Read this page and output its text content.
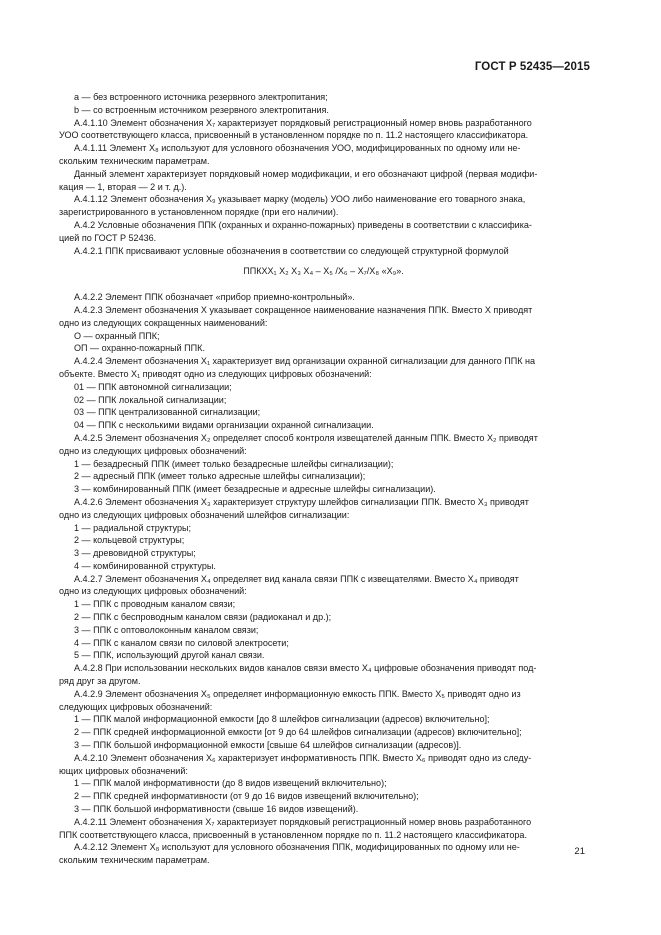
ГОСТ Р 52435—2015
а — без встроенного источника резервного электропитания;
b — со встроенным источником резервного электропитания.
А.4.1.10 Элемент обозначения X₇ характеризует порядковый регистрационный номер вновь разработанного
УОО соответствующего класса, присвоенный в установленном порядке по п. 11.2 настоящего классификатора.
А.4.1.11 Элемент X₈ используют для условного обозначения УОО, модифицированных по одному или не-
скольким техническим параметрам.
Данный элемент характеризует порядковый номер модификации, и его обозначают цифрой (первая модифи-
кация — 1, вторая — 2 и т. д.).
А.4.1.12 Элемент обозначения X₉ указывает марку (модель) УОО либо наименование его товарного знака,
зарегистрированного в установленном порядке (при его наличии).
А.4.2 Условные обозначения ППК (охранных и охранно-пожарных) приведены в соответствии с классифика-
цией по ГОСТ Р 52436.
А.4.2.1 ППК присваивают условные обозначения в соответствии со следующей структурной формулой
ППКХХ₁ Х₂ Х₃ Х₄ – Х₅ /Х₆ – Х₇/Х₈ «Х₉».
А.4.2.2 Элемент ППК обозначает «прибор приемно-контрольный».
А.4.2.3 Элемент обозначения X указывает сокращенное наименование назначения ППК. Вместо X приводят
одно из следующих сокращенных наименований:
О — охранный ППК;
ОП — охранно-пожарный ППК.
А.4.2.4 Элемент обозначения X₁ характеризует вид организации охранной сигнализации для данного ППК на
объекте. Вместо X₁ приводят одно из следующих цифровых обозначений:
01 — ППК автономной сигнализации;
02 — ППК локальной сигнализации;
03 — ППК централизованной сигнализации;
04 — ППК с несколькими видами организации охранной сигнализации.
А.4.2.5 Элемент обозначения X₂ определяет способ контроля извещателей данным ППК. Вместо X₂ приводят
одно из следующих цифровых обозначений:
1 — безадресный ППК (имеет только безадресные шлейфы сигнализации);
2 — адресный ППК (имеет только адресные шлейфы сигнализации);
3 — комбинированный ППК (имеет безадресные и адресные шлейфы сигнализации).
А.4.2.6 Элемент обозначения X₃ характеризует структуру шлейфов сигнализации ППК. Вместо X₃ приводят
одно из следующих цифровых обозначений шлейфов сигнализации:
1 — радиальной структуры;
2 — кольцевой структуры;
3 — древовидной структуры;
4 — комбинированной структуры.
А.4.2.7 Элемент обозначения X₄ определяет вид канала связи ППК с извещателями. Вместо X₄ приводят
одно из следующих цифровых обозначений:
1 — ППК с проводным каналом связи;
2 — ППК с беспроводным каналом связи (радиоканал и др.);
3 — ППК с оптоволоконным каналом связи;
4 — ППК с каналом связи по силовой электросети;
5 — ППК, использующий другой канал связи.
А.4.2.8 При использовании нескольких видов каналов связи вместо X₄ цифровые обозначения приводят под-
ряд друг за другом.
А.4.2.9 Элемент обозначения X₅ определяет информационную емкость ППК. Вместо X₅ приводят одно из
следующих цифровых обозначений:
1 — ППК малой информационной емкости [до 8 шлейфов сигнализации (адресов) включительно];
2 — ППК средней информационной емкости [от 9 до 64 шлейфов сигнализации (адресов) включительно];
3 — ППК большой информационной емкости [свыше 64 шлейфов сигнализации (адресов)].
А.4.2.10 Элемент обозначения X₆ характеризует информативность ППК. Вместо X₆ приводят одно из следу-
ющих цифровых обозначений:
1 — ППК малой информативности (до 8 видов извещений включительно);
2 — ППК средней информативности (от 9 до 16 видов извещений включительно);
3 — ППК большой информативности (свыше 16 видов извещений).
А.4.2.11 Элемент обозначения X₇ характеризует порядковый регистрационный номер вновь разработанного
ППК соответствующего класса, присвоенный в установленном порядке по п. 11.2 настоящего классификатора.
А.4.2.12 Элемент X₈ используют для условного обозначения ППК, модифицированных по одному или не-
скольким техническим параметрам.
21
